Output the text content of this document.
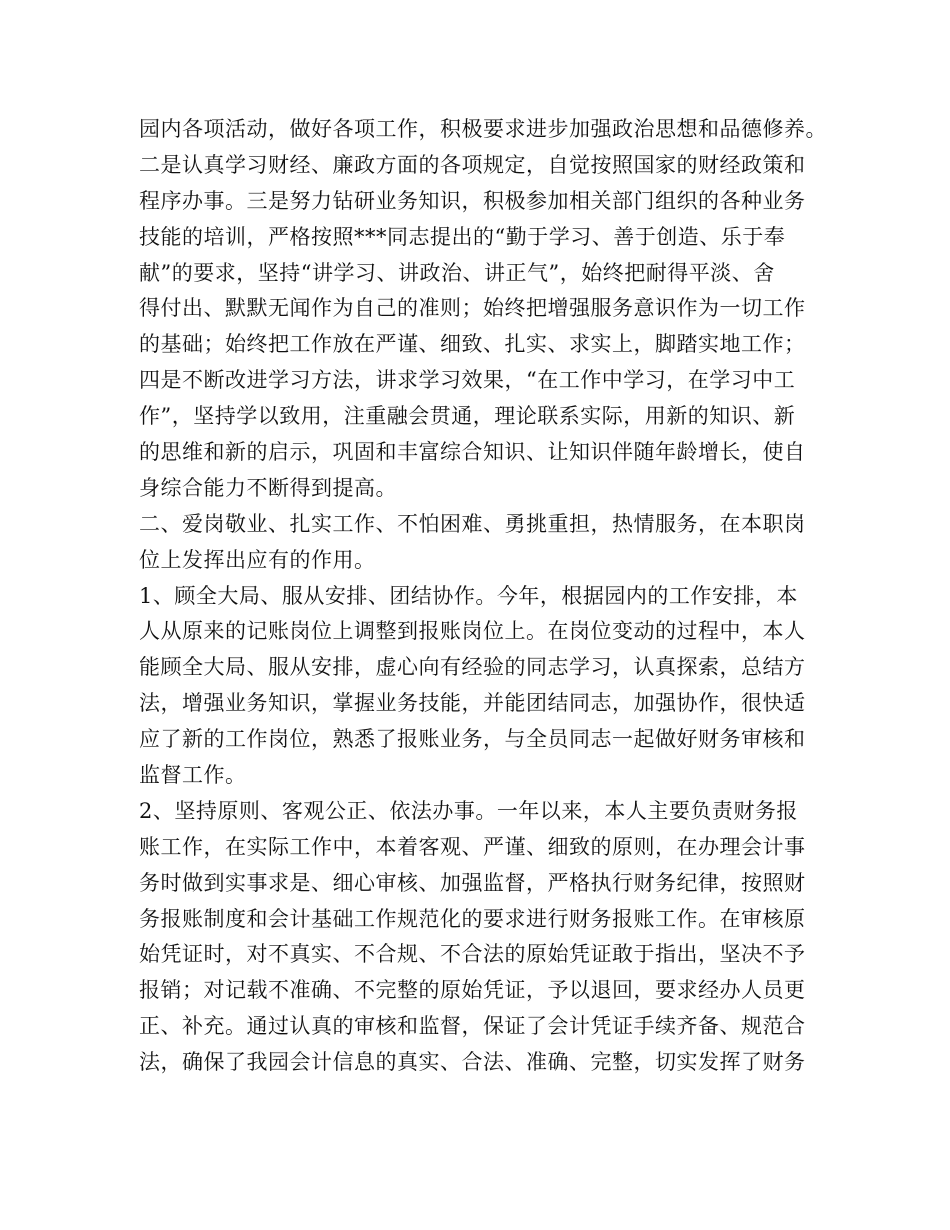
园内各项活动，做好各项工作，积极要求进步加强政治思想和品德修养。
二是认真学习财经、廉政方面的各项规定，自觉按照国家的财经政策和
程序办事。三是努力钻研业务知识，积极参加相关部门组织的各种业务
技能的培训，严格按照***同志提出的“勤于学习、善于创造、乐于奉
献”的要求，坚持“讲学习、讲政治、讲正气”，始终把耐得平淡、舍
得付出、默默无闻作为自己的准则；始终把增强服务意识作为一切工作
的基础；始终把工作放在严谨、细致、扎实、求实上，脚踏实地工作；
四是不断改进学习方法，讲求学习效果，“在工作中学习，在学习中工
作”，坚持学以致用，注重融会贯通，理论联系实际，用新的知识、新
的思维和新的启示，巩固和丰富综合知识、让知识伴随年龄增长，使自
身综合能力不断得到提高。
二、爱岗敬业、扎实工作、不怕困难、勇挑重担，热情服务，在本职岗
位上发挥出应有的作用。
1、顾全大局、服从安排、团结协作。今年，根据园内的工作安排，本
人从原来的记账岗位上调整到报账岗位上。在岗位变动的过程中，本人
能顾全大局、服从安排，虚心向有经验的同志学习，认真探索，总结方
法，增强业务知识，掌握业务技能，并能团结同志，加强协作，很快适
应了新的工作岗位，熟悉了报账业务，与全员同志一起做好财务审核和
监督工作。
2、坚持原则、客观公正、依法办事。一年以来，本人主要负责财务报
账工作，在实际工作中，本着客观、严谨、细致的原则，在办理会计事
务时做到实事求是、细心审核、加强监督，严格执行财务纪律，按照财
务报账制度和会计基础工作规范化的要求进行财务报账工作。在审核原
始凭证时，对不真实、不合规、不合法的原始凭证敢于指出，坚决不予
报销；对记载不准确、不完整的原始凭证，予以退回，要求经办人员更
正、补充。通过认真的审核和监督，保证了会计凭证手续齐备、规范合
法，确保了我园会计信息的真实、合法、准确、完整，切实发挥了财务
